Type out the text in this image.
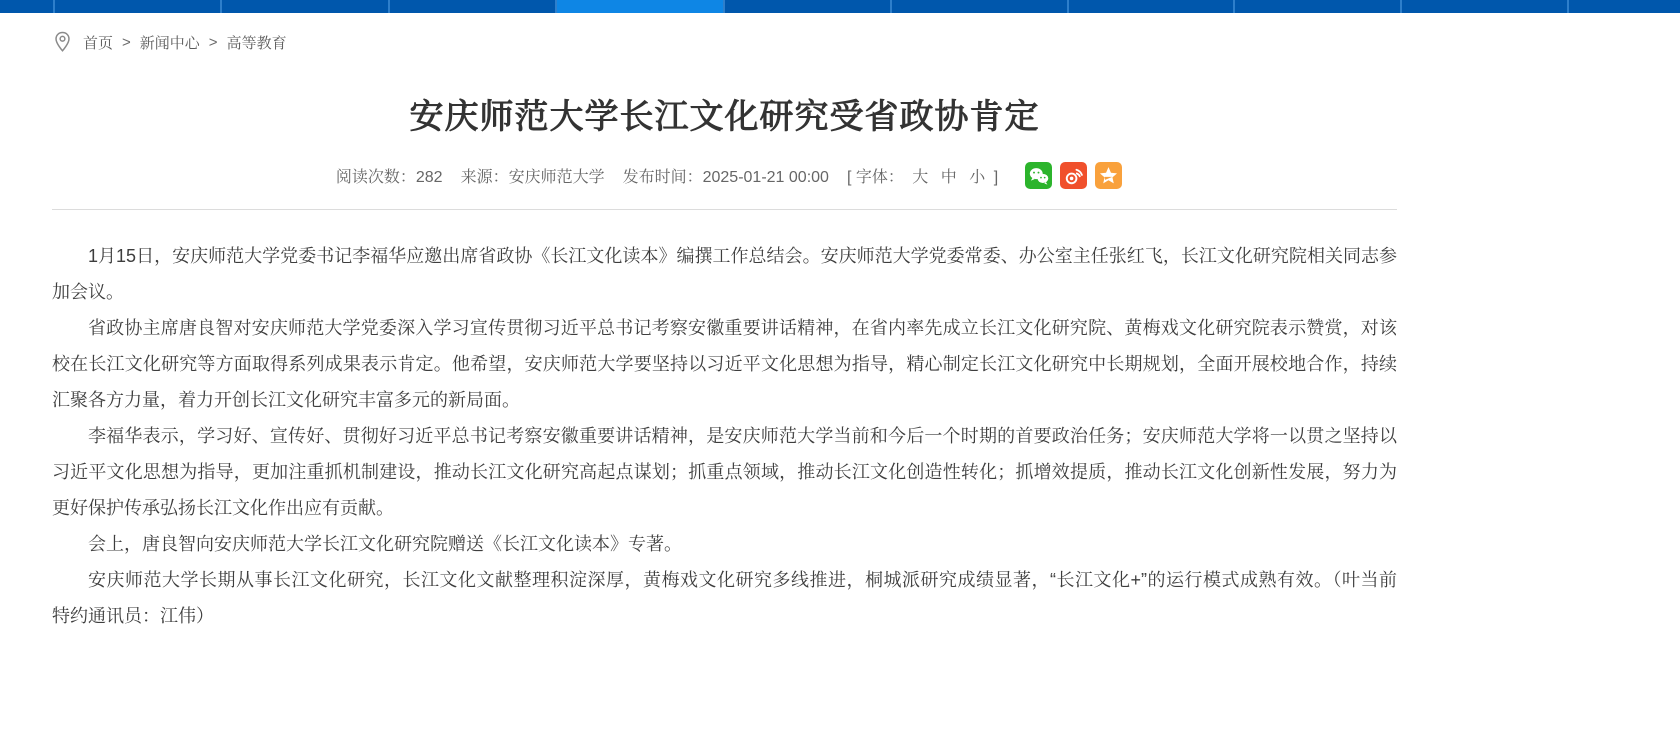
首页 > 新闻中心 > 高等教育
安庆师范大学长江文化研究受省政协肯定
阅读次数：282 来源：安庆师范大学 发布时间：2025-01-21 00:00 [ 字体： 大 中 小 ]

1月15日，安庆师范大学党委书记李福华应邀出席省政协《长江文化读本》编撰工作总结会。安庆师范大学党委常委、办公室主任张红飞，长江文化研究院相关同志参加会议。

省政协主席唐良智对安庆师范大学党委深入学习宣传贯彻习近平总书记考察安徽重要讲话精神，在省内率先成立长江文化研究院、黄梅戏文化研究院表示赞赏，对该校在长江文化研究等方面取得系列成果表示肯定。他希望，安庆师范大学要坚持以习近平文化思想为指导，精心制定长江文化研究中长期规划，全面开展校地合作，持续汇聚各方力量，着力开创长江文化研究丰富多元的新局面。

李福华表示，学习好、宣传好、贯彻好习近平总书记考察安徽重要讲话精神，是安庆师范大学当前和今后一个时期的首要政治任务；安庆师范大学将一以贯之坚持以习近平文化思想为指导，更加注重抓机制建设，推动长江文化研究高起点谋划；抓重点领域，推动长江文化创造性转化；抓增效提质，推动长江文化创新性发展，努力为更好保护传承弘扬长江文化作出应有贡献。

会上，唐良智向安庆师范大学长江文化研究院赠送《长江文化读本》专著。

安庆师范大学长期从事长江文化研究，长江文化文献整理积淀深厚，黄梅戏文化研究多线推进，桐城派研究成绩显著，“长江文化+”的运行模式成熟有效。（叶当前　特约通讯员：江伟）
